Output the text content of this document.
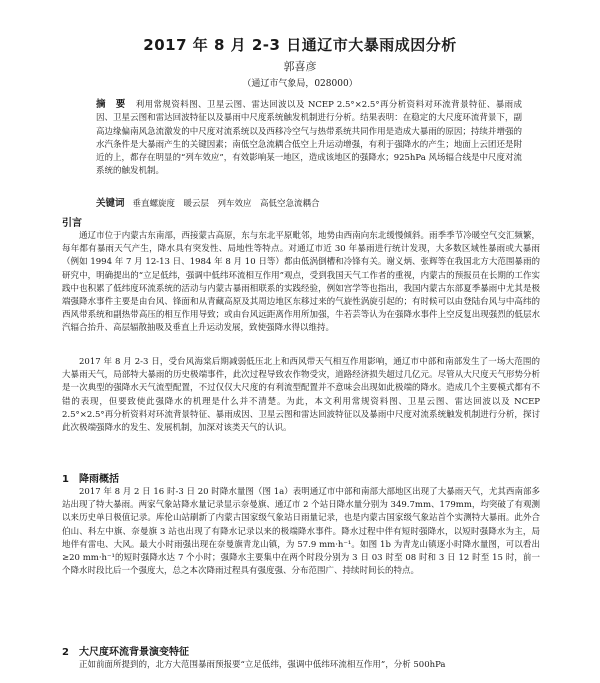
2017 年 8 月 2-3 日通辽市大暴雨成因分析
郭喜彦
（通辽市气象局，028000）
摘　要 利用常规资料图、卫星云图、雷达回波以及 NCEP 2.5°×2.5°再分析资料对环流背景特征、暴雨成因、卫星云图和雷达回波特征以及暴雨中尺度系统触发机制进行分析。结果表明：在稳定的大尺度环流背景下，副高边缘偏南风急流激发的中尺度对流系统以及西移冷空气与热带系统共同作用是造成大暴雨的原因；持续并增强的水汽条件是大暴雨产生的关键因素；南低空急流耦合低空上升运动增强，有利于强降水的产生；地面上云团还是附近的上，都存在明显的“列车效应”，有效影响某一地区，造成该地区的强降水；925hPa 风场辐合线是中尺度对流系统的触发机制。
关键词 垂直螺旋度　暖云层　列车效应　高低空急流耦合
引言

通辽市位于内蒙古东南部，西接蒙古高原，东与东北平原毗邻，地势由西南向东北缓慢倾斜。雨季季节冷暖空气交汇频繁，每年都有暴雨天气产生，降水具有突发性、局地性等特点。对通辽市近 30 年暴雨进行统计发现，大多数区域性暴雨或大暴雨（例如 1994 年 7 月 12-13 日、1984 年 8 月 10 日等）都由低涡倒槽和冷锋有关。谢义炳、张辉等在我国北方大范围暴雨的研究中，明确提出的“立足低纬，强调中低纬环流相互作用”观点，受到我国天气工作者的重视，内蒙古的预报员在长期的工作实践中也积累了低纬度环流系统的活动与内蒙古暴雨相联系的实践经验，例如宫学等也指出，我国内蒙古东部夏季暴雨中尤其是极端强降水事件主要是由台风、锋面和从青藏高原及其周边地区东移过来的气旋性涡旋引起的；有时候可以由登陆台风与中高纬的西风带系统和副热带高压的相互作用导致；或由台风远距离作用所加强，牛若芸等认为在强降水事件上空反复出现强烈的低层水汽辐合抬升、高层辐散抽吸及垂直上升运动发展，致使强降水得以维持。

2017 年 8 月 2-3 日，受台风海棠后期减弱低压北上和西风带天气相互作用影响，通辽市中部和南部发生了一场大范围的大暴雨天气，局部特大暴雨的历史极端事件，此次过程导致农作物受灾，道路经济损失超过几亿元。尽管从大尺度天气形势分析是一次典型的强降水天气流型配置，不过仅仅大尺度的有利流型配置并不意味会出现如此极端的降水。造成几个主要模式都有不错的表现，但要致使此强降水的机理是什么并不清楚。为此，本文利用常规资料图、卫星云图、雷达回波以及 NCEP 2.5°×2.5°再分析资料对环流背景特征、暴雨成因、卫星云图和雷达回波特征以及暴雨中尺度对流系统触发机制进行分析，探讨此次极端强降水的发生、发展机制，加深对该类天气的认识。

1　降雨概括

2017 年 8 月 2 日 16 时-3 日 20 时降水量图（图 1a）表明通辽市中部和南部大部地区出现了大暴雨天气，尤其西南部多站出现了特大暴雨。两家气象站降水量记录显示奈曼旗、通辽市 2 个站日降水量分别为 349.7mm、179mm，均突破了有观测以来历史单日极值记录。库伦山站刷新了内蒙古国家级气象站日雨量记录，也是内蒙古国家级气象站首个实测特大暴雨。此外合伯山、科左中旗、奈曼旗 3 站也出现了有降水记录以来的极端降水事件。降水过程中伴有短时强降水，以短时强降水为主，局地伴有雷电、大风。最大小时雨强出现在奈曼旗青龙山镇，为 57.9 mm·h⁻¹。如图 1b 为青龙山镇逐小时降水量图，可以看出≥20 mm·h⁻¹的短时强降水达 7 个小时；强降水主要集中在两个时段分别为 3 日 03 时至 08 时和 3 日 12 时至 15 时，前一个降水时段比后一个强度大，总之本次降雨过程具有强度强、分布范围广、持续时间长的特点。

2　大尺度环流背景演变特征

正如前面所提到的，北方大范围暴雨预报要“立足低纬，强调中低纬环流相互作用”，分析 500hPa
